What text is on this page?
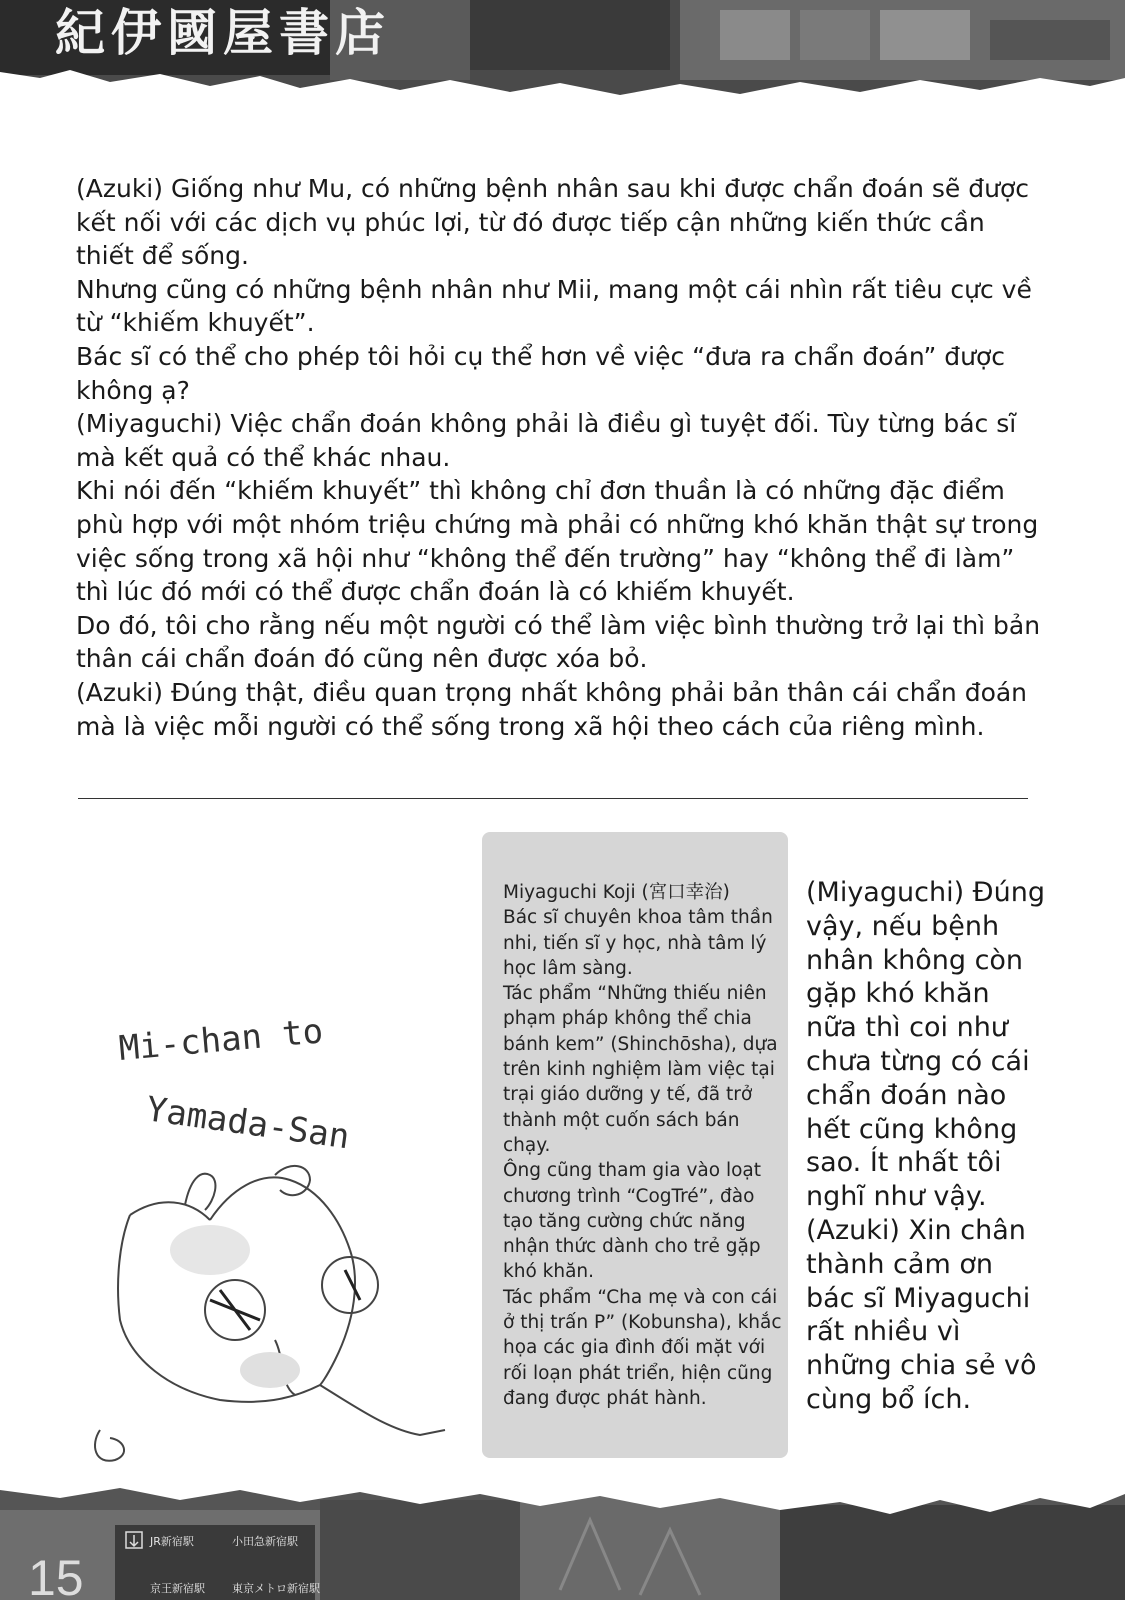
紀伊國屋書店

(Azuki) Giống như Mu, có những bệnh nhân sau khi được chẩn đoán sẽ được kết nối với các dịch vụ phúc lợi, từ đó được tiếp cận những kiến thức cần thiết để sống.

Nhưng cũng có những bệnh nhân như Mii, mang một cái nhìn rất tiêu cực về từ “khiếm khuyết”.

Bác sĩ có thể cho phép tôi hỏi cụ thể hơn về việc “đưa ra chẩn đoán” được không ạ?

(Miyaguchi) Việc chẩn đoán không phải là điều gì tuyệt đối. Tùy từng bác sĩ mà kết quả có thể khác nhau.

Khi nói đến “khiếm khuyết” thì không chỉ đơn thuần là có những đặc điểm phù hợp với một nhóm triệu chứng mà phải có những khó khăn thật sự trong việc sống trong xã hội như “không thể đến trường” hay “không thể đi làm” thì lúc đó mới có thể được chẩn đoán là có khiếm khuyết.

Do đó, tôi cho rằng nếu một người có thể làm việc bình thường trở lại thì bản thân cái chẩn đoán đó cũng nên được xóa bỏ.

(Azuki) Đúng thật, điều quan trọng nhất không phải bản thân cái chẩn đoán mà là việc mỗi người có thể sống trong xã hội theo cách của riêng mình.

Mi-chan to
Yamada-San

Miyaguchi Koji (宮口幸治)

Bác sĩ chuyên khoa tâm thần nhi, tiến sĩ y học, nhà tâm lý học lâm sàng.

Tác phẩm “Những thiếu niên phạm pháp không thể chia bánh kem” (Shinchōsha), dựa trên kinh nghiệm làm việc tại trại giáo dưỡng y tế, đã trở thành một cuốn sách bán chạy.

Ông cũng tham gia vào loạt chương trình “CogTré”, đào tạo tăng cường chức năng nhận thức dành cho trẻ gặp khó khăn.

Tác phẩm “Cha mẹ và con cái ở thị trấn P” (Kobunsha), khắc họa các gia đình đối mặt với rối loạn phát triển, hiện cũng đang được phát hành.

(Miyaguchi) Đúng vậy, nếu bệnh nhân không còn gặp khó khăn nữa thì coi như chưa từng có cái chẩn đoán nào hết cũng không sao. Ít nhất tôi nghĩ như vậy.

(Azuki) Xin chân thành cảm ơn bác sĩ Miyaguchi rất nhiều vì những chia sẻ vô cùng bổ ích.

15
JR新宿駅	小田急新宿駅
京王新宿駅 東京メトロ新宿駅
